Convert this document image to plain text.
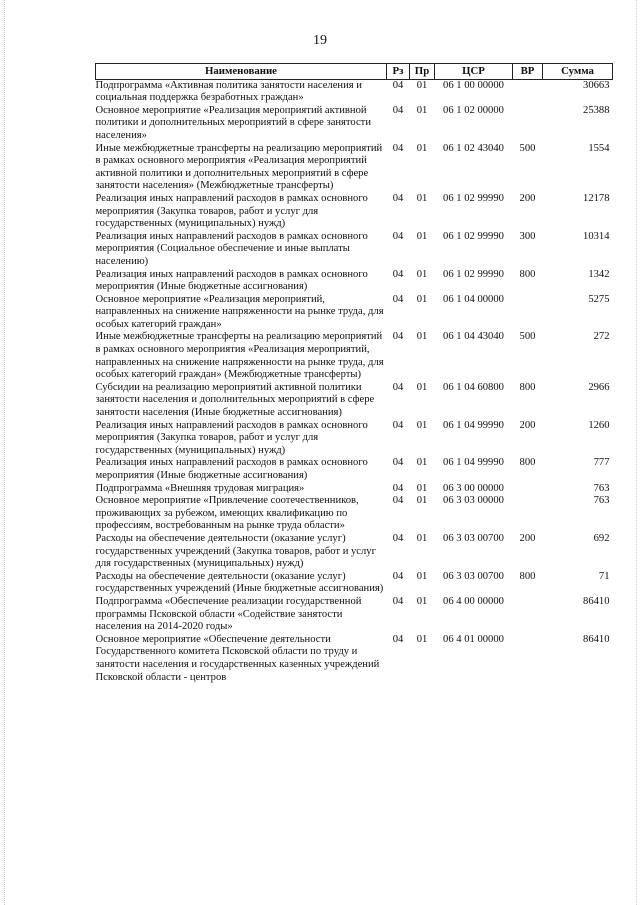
19
Наименование	Рз	Пр	ЦСР	ВР	Сумма
Подпрограмма «Активная политика занятости населения и социальная поддержка безработных граждан»	04	01	06 1 00 00000		30663
Основное мероприятие «Реализация мероприятий активной политики и дополнительных мероприятий в сфере занятости населения»	04	01	06 1 02 00000		25388
Иные межбюджетные трансферты на реализацию мероприятий в рамках основного мероприятия «Реализация мероприятий активной политики и дополнительных мероприятий в сфере занятости населения» (Межбюджетные трансферты)	04	01	06 1 02 43040	500	1554
Реализация иных направлений расходов в рамках основного мероприятия (Закупка товаров, работ и услуг для государственных (муниципальных) нужд)	04	01	06 1 02 99990	200	12178
Реализация иных направлений расходов в рамках основного мероприятия (Социальное обеспечение и иные выплаты населению)	04	01	06 1 02 99990	300	10314
Реализация иных направлений расходов в рамках основного мероприятия (Иные бюджетные ассигнования)	04	01	06 1 02 99990	800	1342
Основное мероприятие «Реализация мероприятий, направленных на снижение напряженности на рынке труда, для особых категорий граждан»	04	01	06 1 04 00000		5275
Иные межбюджетные трансферты на реализацию мероприятий в рамках основного мероприятия «Реализация мероприятий, направленных на снижение напряженности на рынке труда, для особых категорий граждан» (Межбюджетные трансферты)	04	01	06 1 04 43040	500	272
Субсидии на реализацию мероприятий активной политики занятости населения и дополнительных мероприятий в сфере занятости населения (Иные бюджетные ассигнования)	04	01	06 1 04 60800	800	2966
Реализация иных направлений расходов в рамках основного мероприятия (Закупка товаров, работ и услуг для государственных (муниципальных) нужд)	04	01	06 1 04 99990	200	1260
Реализация иных направлений расходов в рамках основного мероприятия (Иные бюджетные ассигнования)	04	01	06 1 04 99990	800	777
Подпрограмма «Внешняя трудовая миграция»	04	01	06 3 00 00000		763
Основное мероприятие «Привлечение соотечественников, проживающих за рубежом, имеющих квалификацию по профессиям, востребованным на рынке труда области»	04	01	06 3 03 00000		763
Расходы на обеспечение деятельности (оказание услуг) государственных учреждений (Закупка товаров, работ и услуг для государственных (муниципальных) нужд)	04	01	06 3 03 00700	200	692
Расходы на обеспечение деятельности (оказание услуг) государственных учреждений (Иные бюджетные ассигнования)	04	01	06 3 03 00700	800	71
Подпрограмма «Обеспечение реализации государственной программы Псковской области «Содействие занятости населения на 2014-2020 годы»	04	01	06 4 00 00000		86410
Основное мероприятие «Обеспечение деятельности Государственного комитета Псковской области по труду и занятости населения и государственных казенных учреждений Псковской области - центров	04	01	06 4 01 00000		86410
